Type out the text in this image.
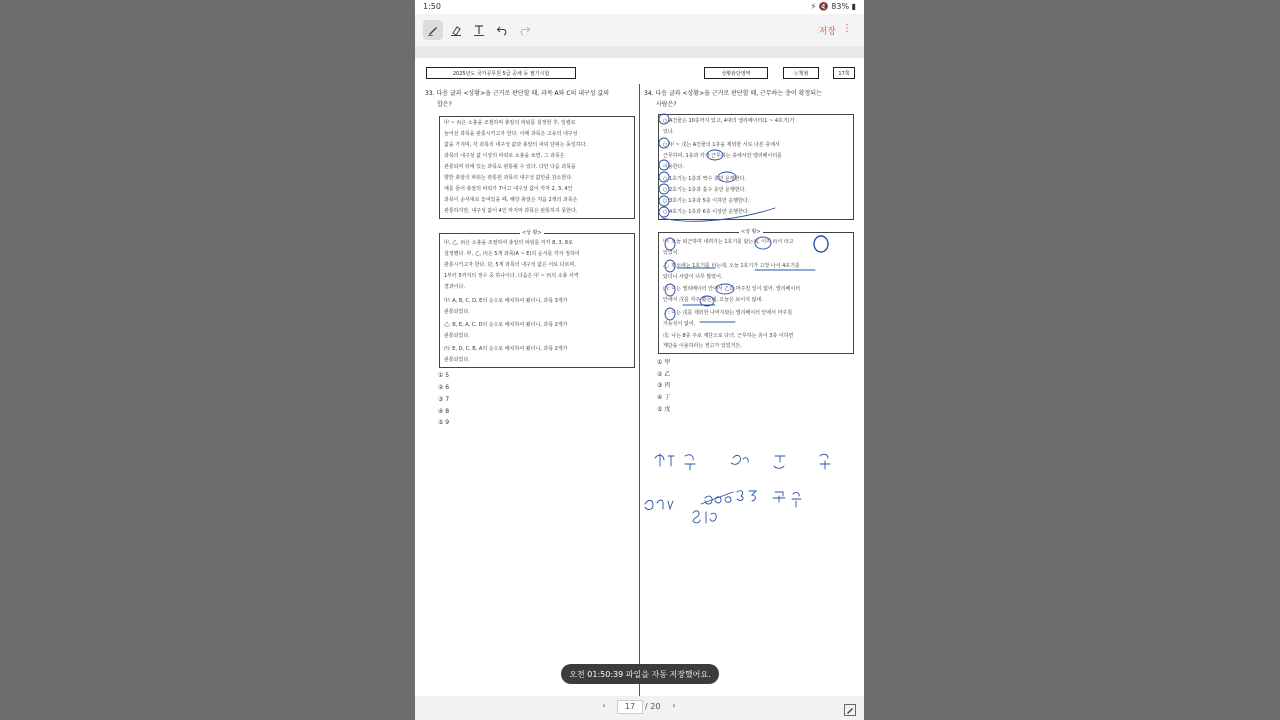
1:50	⚡ 🔇 83% ▮
저장 ⋮
2025년도 국가공무원 5급 공채 등 필기시험	상황판단영역	ⓐ책형	17쪽
33. 다음 글과 <상황>을 근거로 판단할 때, 과목 A와 C의 내구성 값의
합은?
甲 ~ 丙은 소총을 조절하며 총알의 파워를 설정한 후, 일렬로
늘어선 과목을 관통시키고자 한다. 이때 과목은 고유의 내구성
값을 가지며, 각 과목의 내구성 값과 총알의 파워 단위는 동일하다.
과목의 내구성 값 이상의 파워로 소총을 쏘면, 그 과목은
관통되며 뒤에 있는 과목도 관통될 수 있다. 다만 다음 과목을
향한 총알의 파워는 관통된 과목의 내구성 값만큼 감소한다.
예를 들어 총알의 파워가 7이고 내구성 값이 각각 2, 3, 4인
과목이 순서대로 놓여있을 때, 해당 총알은 처음 2개의 과목은
관통하지만, 내구성 값이 4인 마지막 과목은 관통하지 못한다.
<상 황>
甲, 乙, 丙은 소총을 조절하여 총알의 파워를 각각 8, 3, 8로
설정했다. 甲, 乙, 丙은 5개 과목(A ~ E)의 순서를 각자 정하여
관통시키고자 한다. 단, 5개 과목의 내구성 값은 서로 다르며,
1부터 5까지의 정수 중 하나이다. 다음은 甲 ~ 丙의 소총 사격
결과이다.
甲: A, B, C, D, E의 순으로 배치하여 쐈더니, 과목 3개가
관통되었다.
乙: B, E, A, C, D의 순으로 배치하여 쐈더니, 과목 2개가
관통되었다.
丙: E, D, C, B, A의 순으로 배치하여 쐈더니, 과목 2개가
관통되었다.
① 5
② 6
③ 7
④ 8
⑤ 9
34. 다음 글과 <상황>을 근거로 판단할 때, 근무하는 층이 확정되는
사람은?
○ A건물은 10층까지 있고, 4대의 엘리베이터(1 ~ 4호기)가
있다.
○ 甲 ~ 戊는 A건물의 1층을 제외한 서로 다른 층에서
근무하며, 1층과 각자 근무하는 층에서만 엘리베이터를
이용한다.
○ 1호기는 1층과 짝수 층만 운행한다.
○ 2호기는 1층과 홀수 층만 운행한다.
○ 3호기는 1층과 5층 이하만 운행한다.
○ 4호기는 1층과 6층 이상만 운행한다.
<상 황>
甲: 오늘 퇴근하며 내려가는 1호기를 탔는데, 이미 丙이 타고
있었어.
乙: 평소에는 1호기를 타는데, 오늘 1호기가 고장 나서 4호기를
탔더니 사람이 너무 많았어.
丙: 나는 엘리베이터 안에서 乙과 마주친 일이 없어. 엘리베이터
안에서 戊를 자주 봤는데, 오늘은 보이지 않네.
丁: 나는 戊를 제외한 나머지와는 엘리베이터 안에서 마주칠
가능성이 없어.
戊: 나는 8층 주로 계단으로 다녀. 근무하는 층이 3층 이하면
계단을 이용하라는 권고가 있었거든.
① 甲
② 乙
③ 丙
④ 丁
⑤ 戊
오전 01:50:39 파일을 자동 저장했어요.
‹	17	/ 20	›
